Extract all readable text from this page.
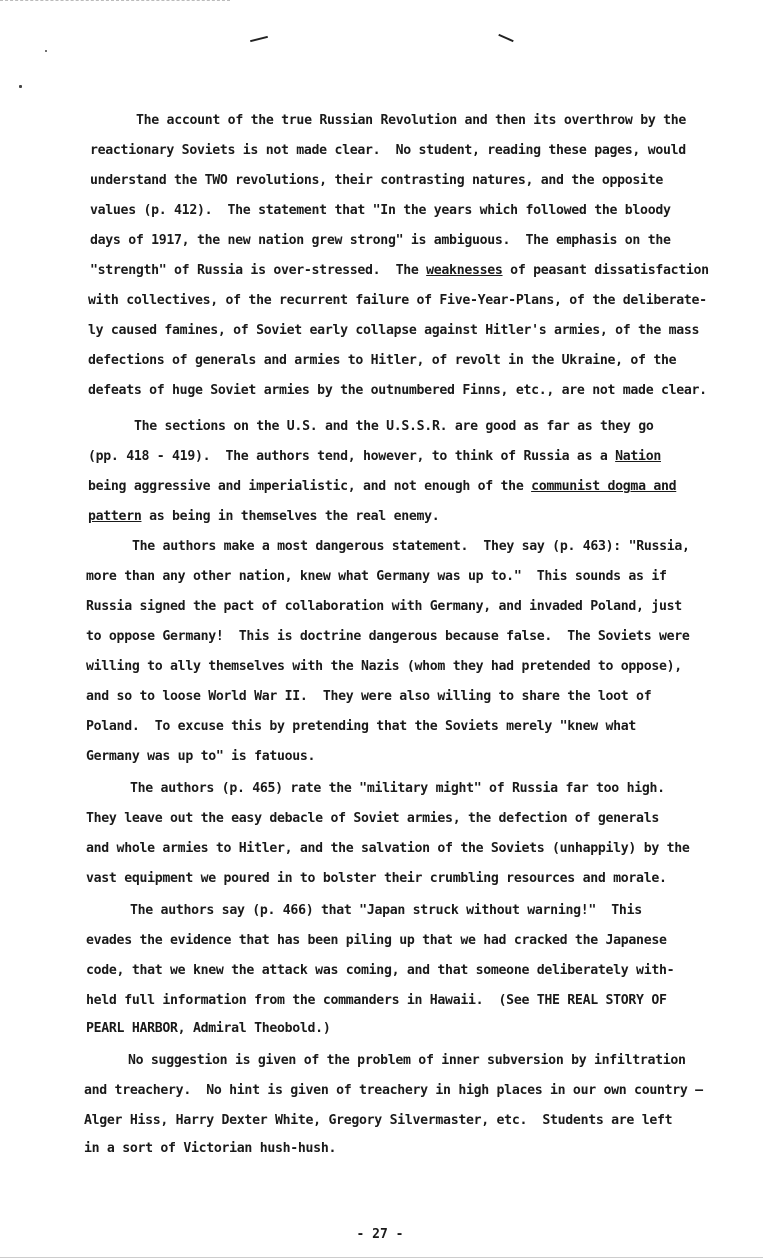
The account of the true Russian Revolution and then its overthrow by the
reactionary Soviets is not made clear.  No student, reading these pages, would
understand the TWO revolutions, their contrasting natures, and the opposite
values (p. 412).  The statement that "In the years which followed the bloody
days of 1917, the new nation grew strong" is ambiguous.  The emphasis on the
"strength" of Russia is over-stressed.  The weaknesses of peasant dissatisfaction
with collectives, of the recurrent failure of Five-Year-Plans, of the deliberate-
ly caused famines, of Soviet early collapse against Hitler's armies, of the mass
defections of generals and armies to Hitler, of revolt in the Ukraine, of the
defeats of huge Soviet armies by the outnumbered Finns, etc., are not made clear.
The sections on the U.S. and the U.S.S.R. are good as far as they go
(pp. 418 - 419).  The authors tend, however, to think of Russia as a Nation
being aggressive and imperialistic, and not enough of the communist dogma and
pattern as being in themselves the real enemy.
The authors make a most dangerous statement.  They say (p. 463): "Russia,
more than any other nation, knew what Germany was up to."  This sounds as if
Russia signed the pact of collaboration with Germany, and invaded Poland, just
to oppose Germany!  This is doctrine dangerous because false.  The Soviets were
willing to ally themselves with the Nazis (whom they had pretended to oppose),
and so to loose World War II.  They were also willing to share the loot of
Poland.  To excuse this by pretending that the Soviets merely "knew what
Germany was up to" is fatuous.
The authors (p. 465) rate the "military might" of Russia far too high.
They leave out the easy debacle of Soviet armies, the defection of generals
and whole armies to Hitler, and the salvation of the Soviets (unhappily) by the
vast equipment we poured in to bolster their crumbling resources and morale.
The authors say (p. 466) that "Japan struck without warning!"  This
evades the evidence that has been piling up that we had cracked the Japanese
code, that we knew the attack was coming, and that someone deliberately with-
held full information from the commanders in Hawaii.  (See THE REAL STORY OF
PEARL HARBOR, Admiral Theobold.)
No suggestion is given of the problem of inner subversion by infiltration
and treachery.  No hint is given of treachery in high places in our own country —
Alger Hiss, Harry Dexter White, Gregory Silvermaster, etc.  Students are left
in a sort of Victorian hush-hush.
- 27 -
